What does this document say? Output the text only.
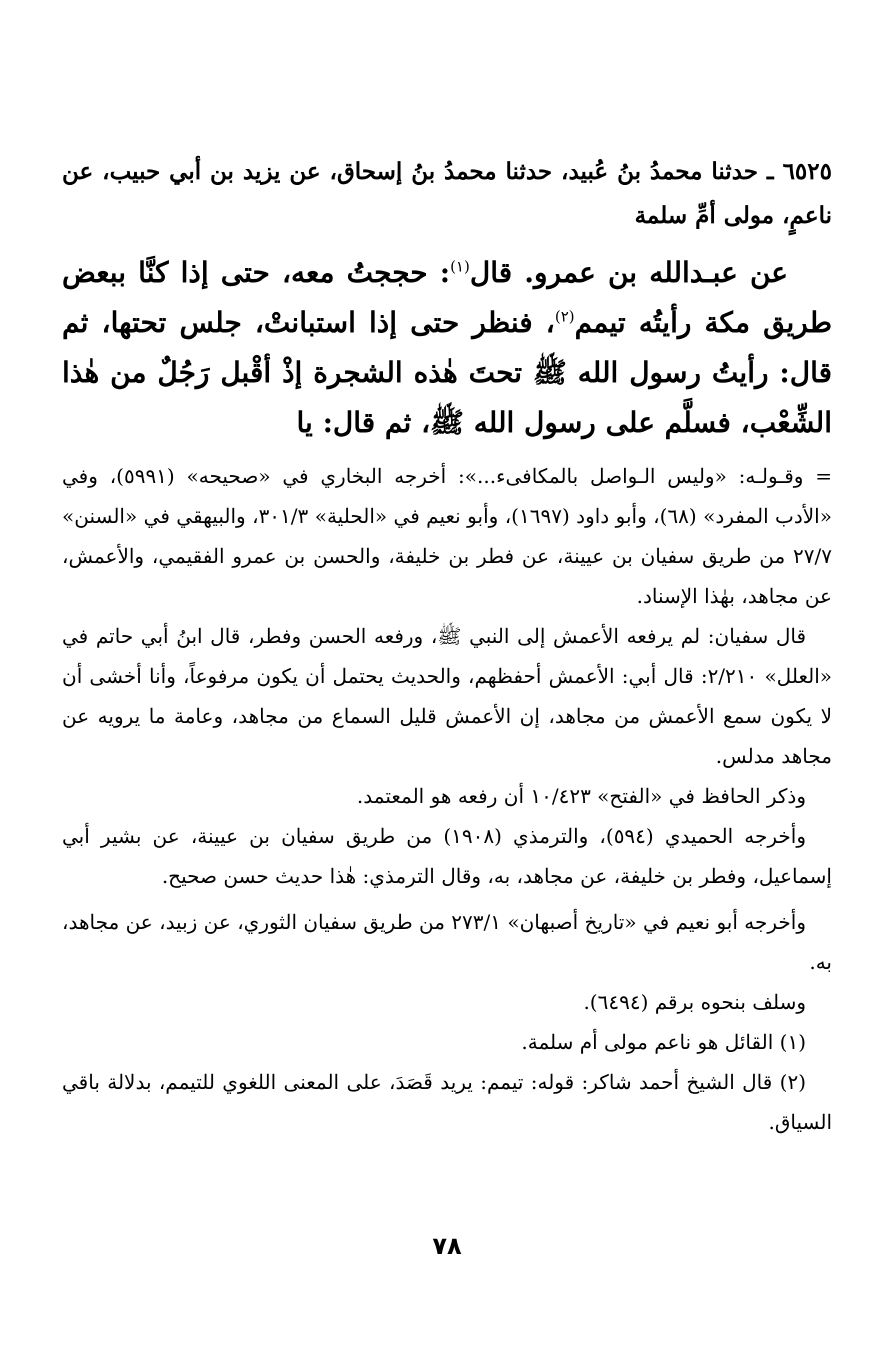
٦٥٢٥ ـ حدثنا محمدُ بنُ عُبيد، حدثنا محمدُ بنُ إسحاق، عن يزيد بن أبي حبيب، عن ناعمٍ، مولى أمِّ سلمة

عن عبـدالله بن عمرو. قال$^{(١)}$: حججتُ معه، حتى إذا كنَّا ببعض طريق مكة رأيتُه تيمم$^{(٢)}$، فنظر حتى إذا استبانتْ، جلس تحتها، ثم قال: رأيتُ رسول الله ﷺ تحتَ هٰذه الشجرة إذْ أقْبل رَجُلٌ من هٰذا الشِّعْب، فسلَّم على رسول الله ﷺ، ثم قال: يا

= وقـولـه: «وليس الـواصل بالمكافىء...»: أخرجه البخاري في «صحيحه» (٥٩٩١)، وفي «الأدب المفرد» (٦٨)، وأبو داود (١٦٩٧)، وأبو نعيم في «الحلية» ٣٠١/٣، والبيهقي في «السنن» ٢٧/٧ من طريق سفيان بن عيينة، عن فطر بن خليفة، والحسن بن عمرو الفقيمي، والأعمش، عن مجاهد، بهٰذا الإسناد.

قال سفيان: لم يرفعه الأعمش إلى النبي ﷺ، ورفعه الحسن وفطر، قال ابنُ أبي حاتم في «العلل» ٢/٢١٠: قال أبي: الأعمش أحفظهم، والحديث يحتمل أن يكون مرفوعاً، وأنا أخشى أن لا يكون سمع الأعمش من مجاهد، إن الأعمش قليل السماع من مجاهد، وعامة ما يرويه عن مجاهد مدلس.

وذكر الحافظ في «الفتح» ١٠/٤٢٣ أن رفعه هو المعتمد.

وأخرجه الحميدي (٥٩٤)، والترمذي (١٩٠٨) من طريق سفيان بن عيينة، عن بشير أبي إسماعيل، وفطر بن خليفة، عن مجاهد، به، وقال الترمذي: هٰذا حديث حسن صحيح.

وأخرجه أبو نعيم في «تاريخ أصبهان» ٢٧٣/١ من طريق سفيان الثوري، عن زبيد، عن مجاهد، به.

وسلف بنحوه برقم (٦٤٩٤).

(١) القائل هو ناعم مولى أم سلمة.

(٢) قال الشيخ أحمد شاكر: قوله: تيمم: يريد قَصَدَ، على المعنى اللغوي للتيمم، بدلالة باقي السياق.

٧٨
